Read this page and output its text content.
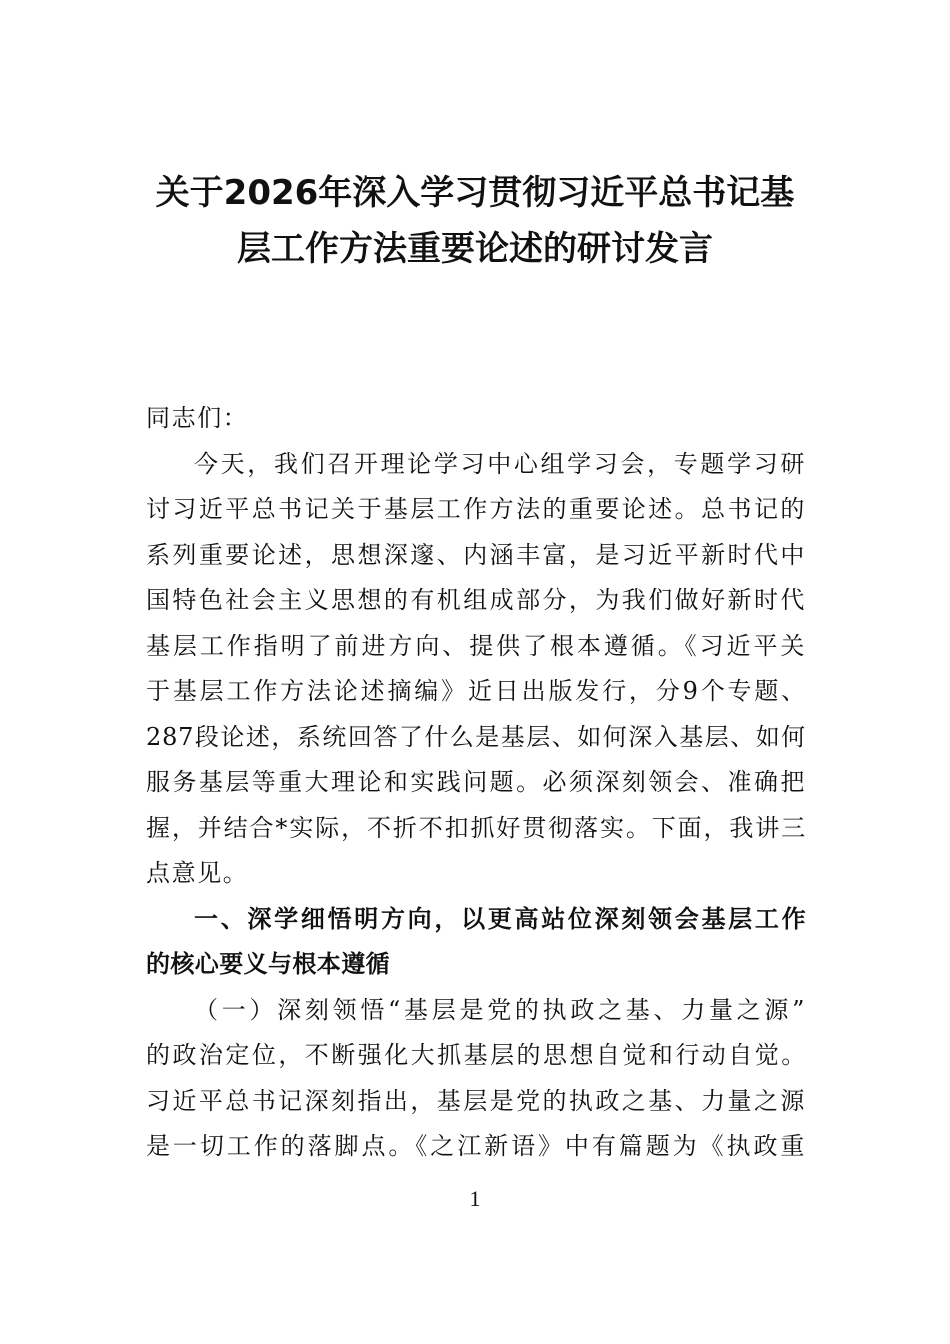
关于2026年深入学习贯彻习近平总书记基
层工作方法重要论述的研讨发言
同志们：
今天，我们召开理论学习中心组学习会，专题学习研
讨习近平总书记关于基层工作方法的重要论述。总书记的
系列重要论述，思想深邃、内涵丰富，是习近平新时代中
国特色社会主义思想的有机组成部分，为我们做好新时代
基层工作指明了前进方向、提供了根本遵循。《习近平关
于基层工作方法论述摘编》近日出版发行，分9个专题、
287段论述，系统回答了什么是基层、如何深入基层、如何
服务基层等重大理论和实践问题。必须深刻领会、准确把
握，并结合*实际，不折不扣抓好贯彻落实。下面，我讲三
点意见。
一、深学细悟明方向，以更高站位深刻领会基层工作
的核心要义与根本遵循
（一）深刻领悟“基层是党的执政之基、力量之源”
的政治定位，不断强化大抓基层的思想自觉和行动自觉。
习近平总书记深刻指出，基层是党的执政之基、力量之源
是一切工作的落脚点。《之江新语》中有篇题为《执政重
1
